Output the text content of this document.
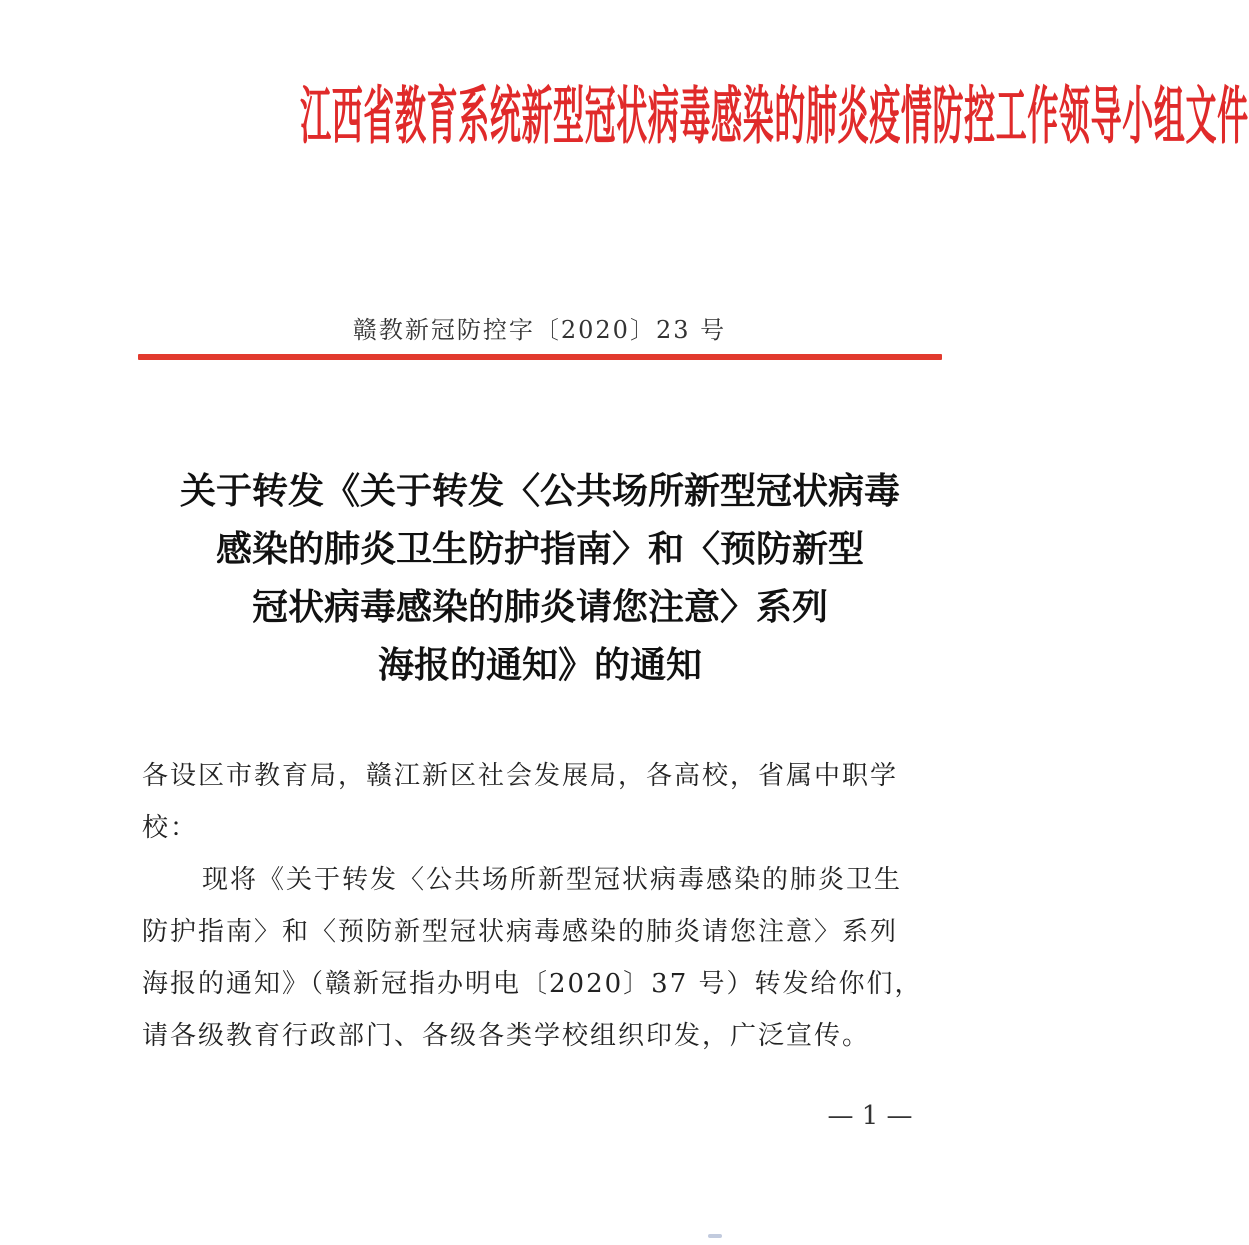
江西省教育系统新型冠状病毒感染的肺炎疫情防控工作领导小组文件
赣教新冠防控字〔2020〕23 号
关于转发《关于转发〈公共场所新型冠状病毒
感染的肺炎卫生防护指南〉和〈预防新型
冠状病毒感染的肺炎请您注意〉系列
海报的通知》的通知
各设区市教育局，赣江新区社会发展局，各高校，省属中职学
校：
现将《关于转发〈公共场所新型冠状病毒感染的肺炎卫生
防护指南〉和〈预防新型冠状病毒感染的肺炎请您注意〉系列
海报的通知》（赣新冠指办明电〔2020〕37 号）转发给你们，
请各级教育行政部门、各级各类学校组织印发，广泛宣传。
— 1 —
